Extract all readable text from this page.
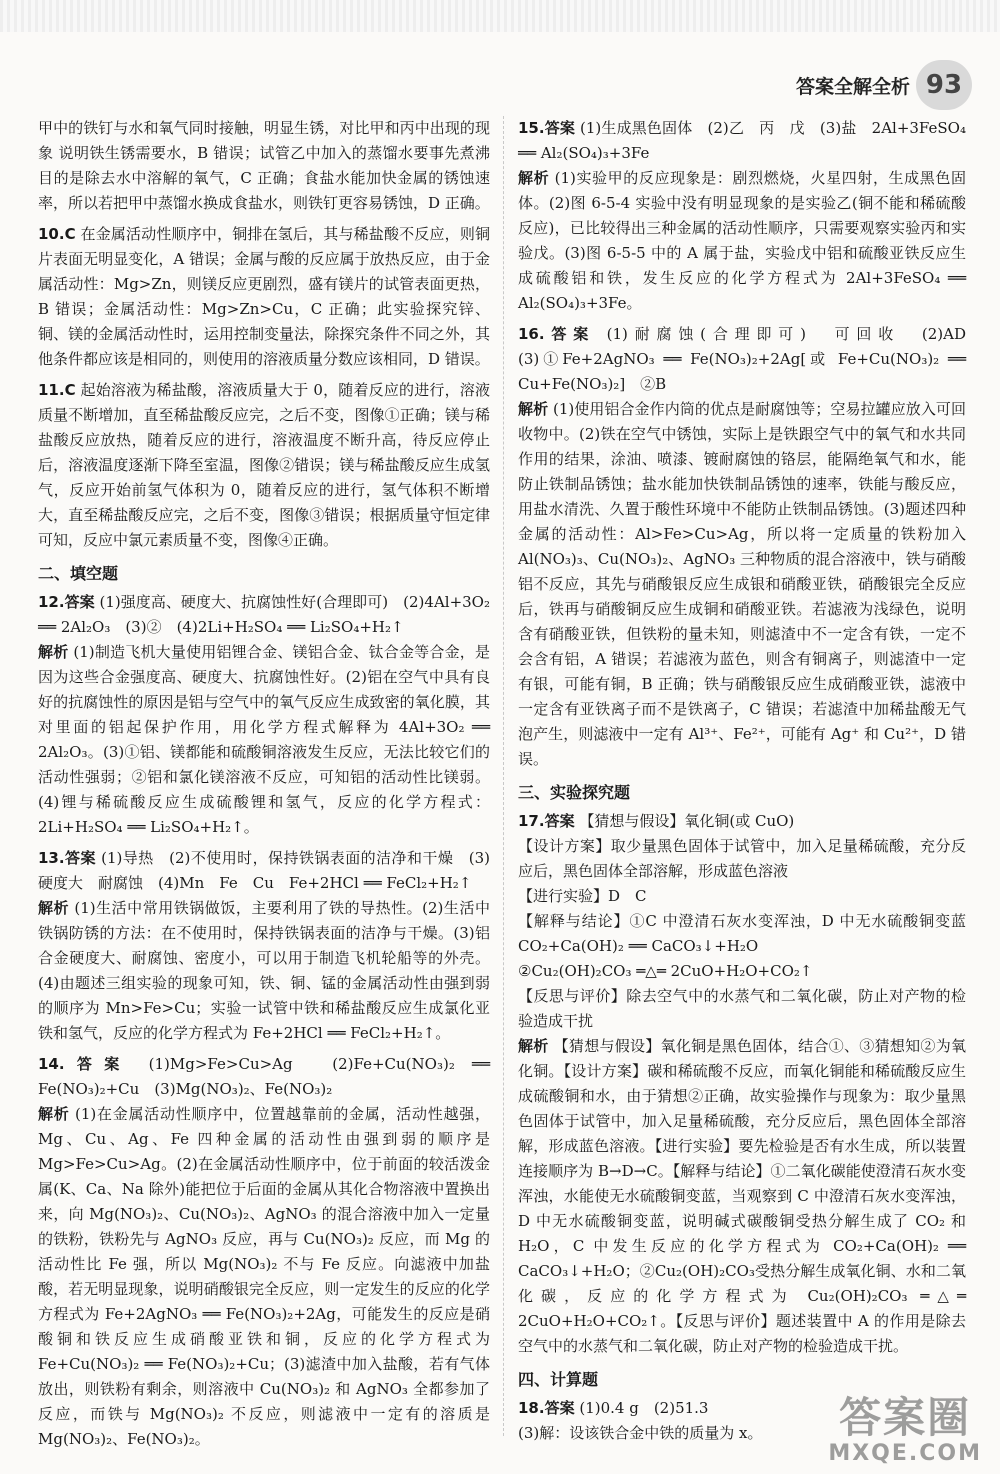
答案全解全析 93

甲中的铁钉与水和氧气同时接触，明显生锈，对比甲和丙中出现的现象 说明铁生锈需要水，B 错误；试管乙中加入的蒸馏水要事先煮沸 目的是除去水中溶解的氧气，C 正确；食盐水能加快金属的锈蚀速率，所以若把甲中蒸馏水换成食盐水，则铁钉更容易锈蚀，D 正确。

10.C 在金属活动性顺序中，铜排在氢后，其与稀盐酸不反应，则铜片表面无明显变化，A 错误；金属与酸的反应属于放热反应，由于金属活动性：Mg>Zn，则镁反应更剧烈，盛有镁片的试管表面更热，B 错误；金属活动性：Mg>Zn>Cu，C 正确；此实验探究锌、铜、镁的金属活动性时，运用控制变量法，除探究条件不同之外，其他条件都应该是相同的，则使用的溶液质量分数应该相同，D 错误。

11.C 起始溶液为稀盐酸，溶液质量大于 0，随着反应的进行，溶液质量不断增加，直至稀盐酸反应完，之后不变，图像①正确；镁与稀盐酸反应放热，随着反应的进行，溶液温度不断升高，待反应停止后，溶液温度逐渐下降至室温，图像②错误；镁与稀盐酸反应生成氢气，反应开始前氢气体积为 0，随着反应的进行，氢气体积不断增大，直至稀盐酸反应完，之后不变，图像③错误；根据质量守恒定律可知，反应中氯元素质量不变，图像④正确。

二、填空题

12.答案 (1)强度高、硬度大、抗腐蚀性好(合理即可)　(2)4Al+3O₂ ══ 2Al₂O₃　(3)②　(4)2Li+H₂SO₄ ══ Li₂SO₄+H₂↑

解析 (1)制造飞机大量使用铝锂合金、镁铝合金、钛合金等合金，是因为这些合金强度高、硬度大、抗腐蚀性好。(2)铝在空气中具有良好的抗腐蚀性的原因是铝与空气中的氧气反应生成致密的氧化膜，其对里面的铝起保护作用，用化学方程式解释为 4Al+3O₂ ══ 2Al₂O₃。(3)①铝、镁都能和硫酸铜溶液发生反应，无法比较它们的活动性强弱；②铝和氯化镁溶液不反应，可知铝的活动性比镁弱。(4)锂与稀硫酸反应生成硫酸锂和氢气，反应的化学方程式：2Li+H₂SO₄ ══ Li₂SO₄+H₂↑。

13.答案 (1)导热　(2)不使用时，保持铁锅表面的洁净和干燥　(3)硬度大　耐腐蚀　(4)Mn　Fe　Cu　Fe+2HCl ══ FeCl₂+H₂↑

解析 (1)生活中常用铁锅做饭，主要利用了铁的导热性。(2)生活中铁锅防锈的方法：在不使用时，保持铁锅表面的洁净与干燥。(3)铝合金硬度大、耐腐蚀、密度小，可以用于制造飞机轮船等的外壳。(4)由题述三组实验的现象可知，铁、铜、锰的金属活动性由强到弱的顺序为 Mn>Fe>Cu；实验一试管中铁和稀盐酸反应生成氯化亚铁和氢气，反应的化学方程式为 Fe+2HCl ══ FeCl₂+H₂↑。

14.答案 (1)Mg>Fe>Cu>Ag　(2)Fe+Cu(NO₃)₂ ══ Fe(NO₃)₂+Cu　(3)Mg(NO₃)₂、Fe(NO₃)₂

解析 (1)在金属活动性顺序中，位置越靠前的金属，活动性越强，Mg、Cu、Ag、Fe 四种金属的活动性由强到弱的顺序是 Mg>Fe>Cu>Ag。(2)在金属活动性顺序中，位于前面的较活泼金属(K、Ca、Na 除外)能把位于后面的金属从其化合物溶液中置换出来，向 Mg(NO₃)₂、Cu(NO₃)₂、AgNO₃ 的混合溶液中加入一定量的铁粉，铁粉先与 AgNO₃ 反应，再与 Cu(NO₃)₂ 反应，而 Mg 的活动性比 Fe 强，所以 Mg(NO₃)₂ 不与 Fe 反应。向滤液中加盐酸，若无明显现象，说明硝酸银完全反应，则一定发生的反应的化学方程式为 Fe+2AgNO₃ ══ Fe(NO₃)₂+2Ag，可能发生的反应是硝酸铜和铁反应生成硝酸亚铁和铜，反应的化学方程式为 Fe+Cu(NO₃)₂ ══ Fe(NO₃)₂+Cu；(3)滤渣中加入盐酸，若有气体放出，则铁粉有剩余，则溶液中 Cu(NO₃)₂ 和 AgNO₃ 全都参加了反应，而铁与 Mg(NO₃)₂ 不反应，则滤液中一定有的溶质是 Mg(NO₃)₂、Fe(NO₃)₂。

15.答案 (1)生成黑色固体　(2)乙　丙　戊　(3)盐　2Al+3FeSO₄ ══ Al₂(SO₄)₃+3Fe

解析 (1)实验甲的反应现象是：剧烈燃烧，火星四射，生成黑色固体。(2)图 6-5-4 实验中没有明显现象的是实验乙(铜不能和稀硫酸反应)，已比较得出三种金属的活动性顺序，只需要观察实验丙和实验戊。(3)图 6-5-5 中的 A 属于盐，实验戊中铝和硫酸亚铁反应生成硫酸铝和铁，发生反应的化学方程式为 2Al+3FeSO₄ ══ Al₂(SO₄)₃+3Fe。

16.答案 (1)耐腐蚀(合理即可)　可回收　(2)AD　(3)①Fe+2AgNO₃ ══ Fe(NO₃)₂+2Ag[或 Fe+Cu(NO₃)₂ ══ Cu+Fe(NO₃)₂]　②B

解析 (1)使用铝合金作内筒的优点是耐腐蚀等；空易拉罐应放入可回收物中。(2)铁在空气中锈蚀，实际上是铁跟空气中的氧气和水共同作用的结果，涂油、喷漆、镀耐腐蚀的铬层，能隔绝氧气和水，能防止铁制品锈蚀；盐水能加快铁制品锈蚀的速率，铁能与酸反应，用盐水清洗、久置于酸性环境中不能防止铁制品锈蚀。(3)题述四种金属的活动性：Al>Fe>Cu>Ag，所以将一定质量的铁粉加入 Al(NO₃)₃、Cu(NO₃)₂、AgNO₃ 三种物质的混合溶液中，铁与硝酸铝不反应，其先与硝酸银反应生成银和硝酸亚铁，硝酸银完全反应后，铁再与硝酸铜反应生成铜和硝酸亚铁。若滤液为浅绿色，说明含有硝酸亚铁，但铁粉的量未知，则滤渣中不一定含有铁，一定不会含有铝，A 错误；若滤液为蓝色，则含有铜离子，则滤渣中一定有银，可能有铜，B 正确；铁与硝酸银反应生成硝酸亚铁，滤液中一定含有亚铁离子而不是铁离子，C 错误；若滤渣中加稀盐酸无气泡产生，则滤液中一定有 Al³⁺、Fe²⁺，可能有 Ag⁺ 和 Cu²⁺，D 错误。

三、实验探究题

17.答案 【猜想与假设】氧化铜(或 CuO)

【设计方案】取少量黑色固体于试管中，加入足量稀硫酸，充分反应后，黑色固体全部溶解，形成蓝色溶液

【进行实验】D　C

【解释与结论】①C 中澄清石灰水变浑浊，D 中无水硫酸铜变蓝　CO₂+Ca(OH)₂ ══ CaCO₃↓+H₂O

②Cu₂(OH)₂CO₃ ═△═ 2CuO+H₂O+CO₂↑

【反思与评价】除去空气中的水蒸气和二氧化碳，防止对产物的检验造成干扰

解析 【猜想与假设】氧化铜是黑色固体，结合①、③猜想知②为氧化铜。【设计方案】碳和稀硫酸不反应，而氧化铜能和稀硫酸反应生成硫酸铜和水，由于猜想②正确，故实验操作与现象为：取少量黑色固体于试管中，加入足量稀硫酸，充分反应后，黑色固体全部溶解，形成蓝色溶液。【进行实验】要先检验是否有水生成，所以装置连接顺序为 B→D→C。【解释与结论】①二氧化碳能使澄清石灰水变浑浊，水能使无水硫酸铜变蓝，当观察到 C 中澄清石灰水变浑浊，D 中无水硫酸铜变蓝，说明碱式碳酸铜受热分解生成了 CO₂ 和 H₂O，C 中发生反应的化学方程式为 CO₂+Ca(OH)₂ ══ CaCO₃↓+H₂O；②Cu₂(OH)₂CO₃受热分解生成氧化铜、水和二氧化碳，反应的化学方程式为 Cu₂(OH)₂CO₃ ═△═ 2CuO+H₂O+CO₂↑。【反思与评价】题述装置中 A 的作用是除去空气中的水蒸气和二氧化碳，防止对产物的检验造成干扰。

四、计算题

18.答案 (1)0.4 g　(2)51.3

(3)解：设该铁合金中铁的质量为 x。	答案圈
MXQE.COM
